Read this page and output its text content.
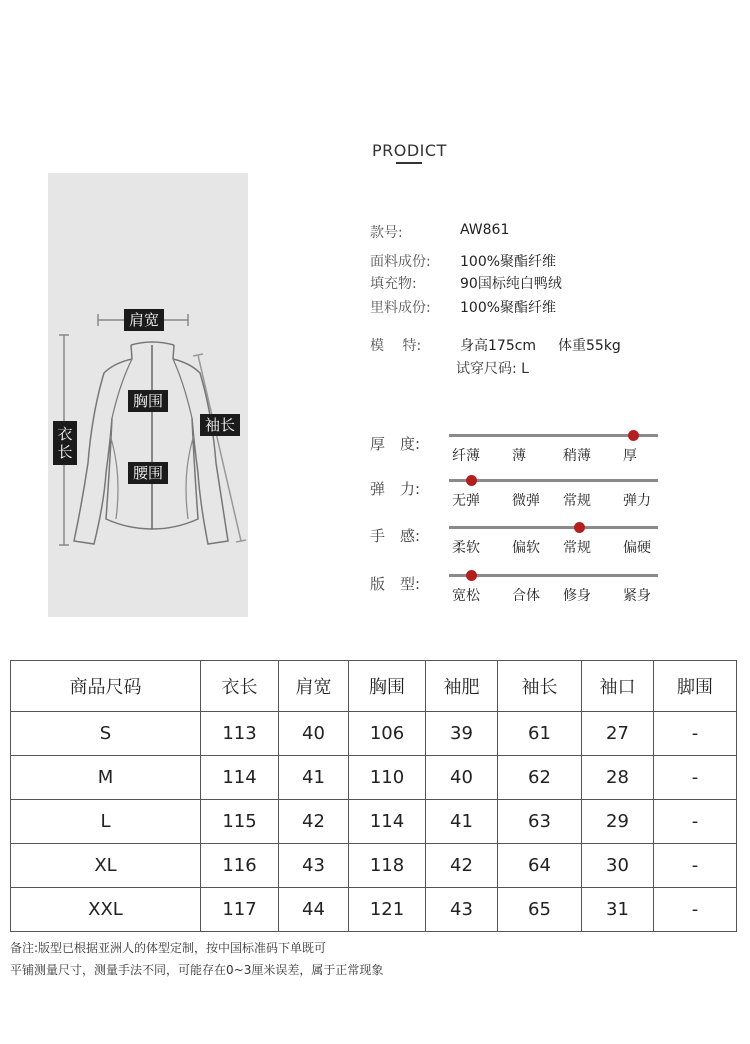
PRODICT
肩宽
衣长
胸围
袖长
腰围
款号:	AW861
面料成份: 100%聚酯纤维
填充物:	90国标纯白鸭绒
里料成份: 100%聚酯纤维
模　 特:	身高175cm 体重55kg
试穿尺码: L
厚　度:
纤薄 薄	稍薄 厚
弹　力:
无弹 微弹 常规 弹力
手　感:
柔软 偏软 常规 偏硬
版　型:
宽松 合体 修身 紧身
商品尺码	衣长	肩宽	胸围	袖肥	袖长	袖口	脚围
S	113	40	106	39	61	27	-
M	114	41	110	40	62	28	-
L	115	42	114	41	63	29	-
XL	116	43	118	42	64	30	-
XXL	117	44	121	43	65	31	-
备注:版型已根据亚洲人的体型定制，按中国标准码下单既可
平铺测量尺寸，测量手法不同，可能存在0~3厘米误差，属于正常现象
